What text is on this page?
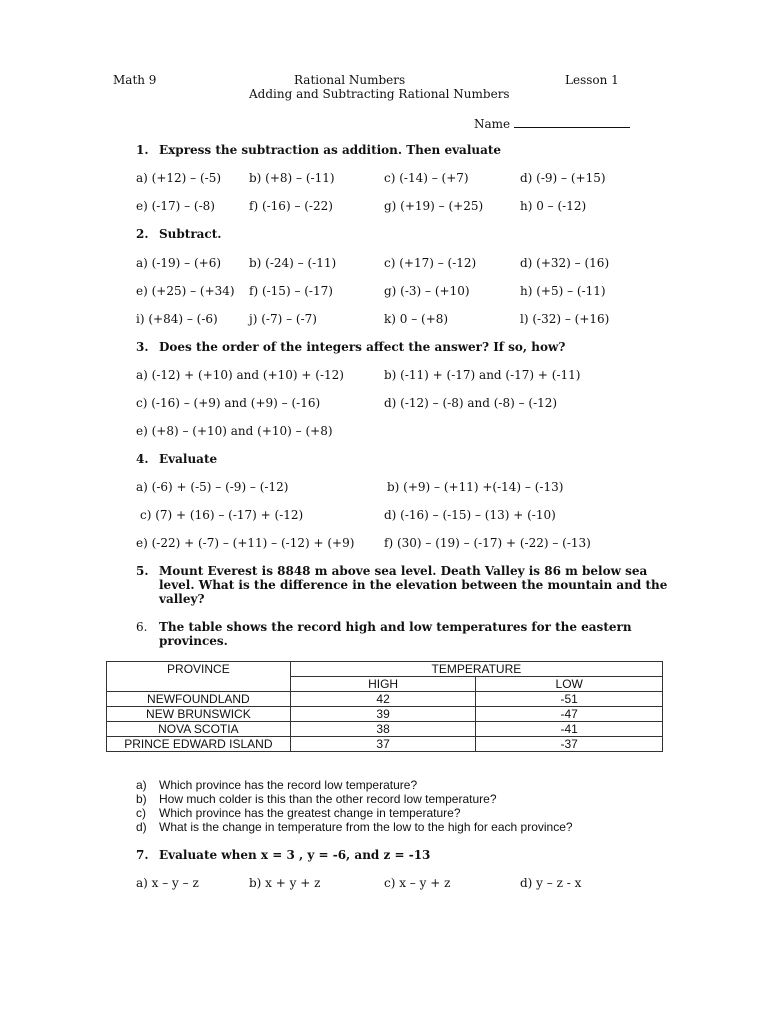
Math 9	Rational Numbers	Lesson 1
Adding and Subtracting Rational Numbers
Name
1. Express the subtraction as addition. Then evaluate
a) (+12) – (-5) b) (+8) – (-11)	c) (-14) – (+7)	d) (-9) – (+15)
e) (-17) – (-8)	f) (-16) – (-22)	g) (+19) – (+25)	h) 0 – (-12)
2. Subtract.
a) (-19) – (+6) b) (-24) – (-11)	c) (+17) – (-12)	d) (+32) – (16)
e) (+25) – (+34) f) (-15) – (-17)	g) (-3) – (+10)	h) (+5) – (-11)
i) (+84) – (-6)	j) (-7) – (-7)	k) 0 – (+8)	l) (-32) – (+16)
3. Does the order of the integers affect the answer? If so, how?
a) (-12) + (+10) and (+10) + (-12)	b) (-11) + (-17) and (-17) + (-11)
c) (-16) – (+9) and (+9) – (-16)	d) (-12) – (-8) and (-8) – (-12)
e) (+8) – (+10) and (+10) – (+8)
4. Evaluate
a) (-6) + (-5) – (-9) – (-12)	b) (+9) – (+11) +(-14) – (-13)
c) (7) + (16) – (-17) + (-12)	d) (-16) – (-15) – (13) + (-10)
e) (-22) + (-7) – (+11) – (-12) + (+9) f) (30) – (19) – (-17) + (-22) – (-13)
5. Mount Everest is 8848 m above sea level. Death Valley is 86 m below sea
level. What is the difference in the elevation between the mountain and the
valley?
6. The table shows the record high and low temperatures for the eastern
provinces.
PROVINCE	TEMPERATURE	
	HIGH	LOW
NEWFOUNDLAND	42	-51
NEW BRUNSWICK	39	-47
NOVA SCOTIA	38	-41
PRINCE EDWARD ISLAND	37	-37
a) Which province has the record low temperature?
b) How much colder is this than the other record low temperature?
c) Which province has the greatest change in temperature?
d) What is the change in temperature from the low to the high for each province?
7. Evaluate when x = 3 , y = -6, and z = -13
a) x – y – z	b) x + y + z	c) x – y + z	d) y – z - x
